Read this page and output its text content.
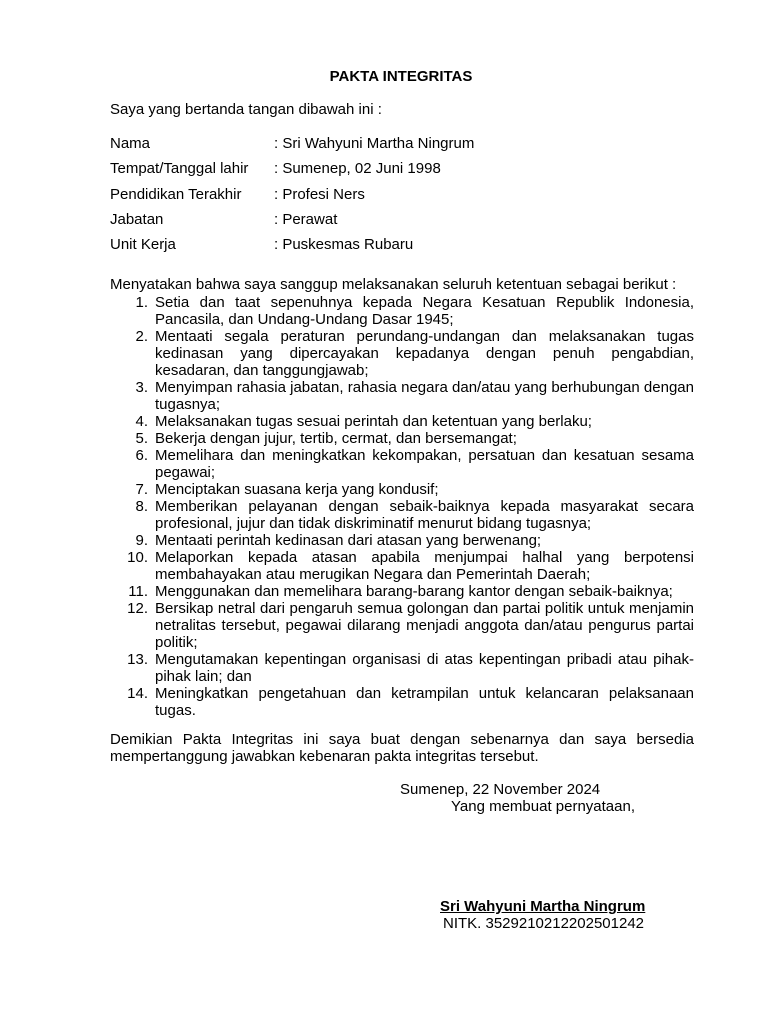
PAKTA INTEGRITAS
Saya yang bertanda tangan dibawah ini :
Nama	: Sri Wahyuni Martha Ningrum
Tempat/Tanggal lahir : Sumenep, 02 Juni 1998
Pendidikan Terakhir : Profesi Ners
Jabatan	: Perawat
Unit Kerja	: Puskesmas Rubaru
Menyatakan bahwa saya sanggup melaksanakan seluruh ketentuan sebagai berikut :
1. Setia dan taat sepenuhnya kepada Negara Kesatuan Republik Indonesia, Pancasila, dan Undang-Undang Dasar 1945;
2. Mentaati segala peraturan perundang-undangan dan melaksanakan tugas kedinasan yang dipercayakan kepadanya dengan penuh pengabdian, kesadaran, dan tanggungjawab;
3. Menyimpan rahasia jabatan, rahasia negara dan/atau yang berhubungan dengan tugasnya;
4. Melaksanakan tugas sesuai perintah dan ketentuan yang berlaku;
5. Bekerja dengan jujur, tertib, cermat, dan bersemangat;
6. Memelihara dan meningkatkan kekompakan, persatuan dan kesatuan sesama pegawai;
7. Menciptakan suasana kerja yang kondusif;
8. Memberikan pelayanan dengan sebaik-baiknya kepada masyarakat secara profesional, jujur dan tidak diskriminatif menurut bidang tugasnya;
9. Mentaati perintah kedinasan dari atasan yang berwenang;
10. Melaporkan kepada atasan apabila menjumpai halhal yang berpotensi membahayakan atau merugikan Negara dan Pemerintah Daerah;
11. Menggunakan dan memelihara barang-barang kantor dengan sebaik-baiknya;
12. Bersikap netral dari pengaruh semua golongan dan partai politik untuk menjamin netralitas tersebut, pegawai dilarang menjadi anggota dan/atau pengurus partai politik;
13. Mengutamakan kepentingan organisasi di atas kepentingan pribadi atau pihak-pihak lain; dan
14. Meningkatkan pengetahuan dan ketrampilan untuk kelancaran pelaksanaan tugas.
Demikian Pakta Integritas ini saya buat dengan sebenarnya dan saya bersedia mempertanggung jawabkan kebenaran pakta integritas tersebut.
Sumenep, 22 November 2024
Yang membuat pernyataan,
Sri Wahyuni Martha Ningrum
NITK. 3529210212202501242
